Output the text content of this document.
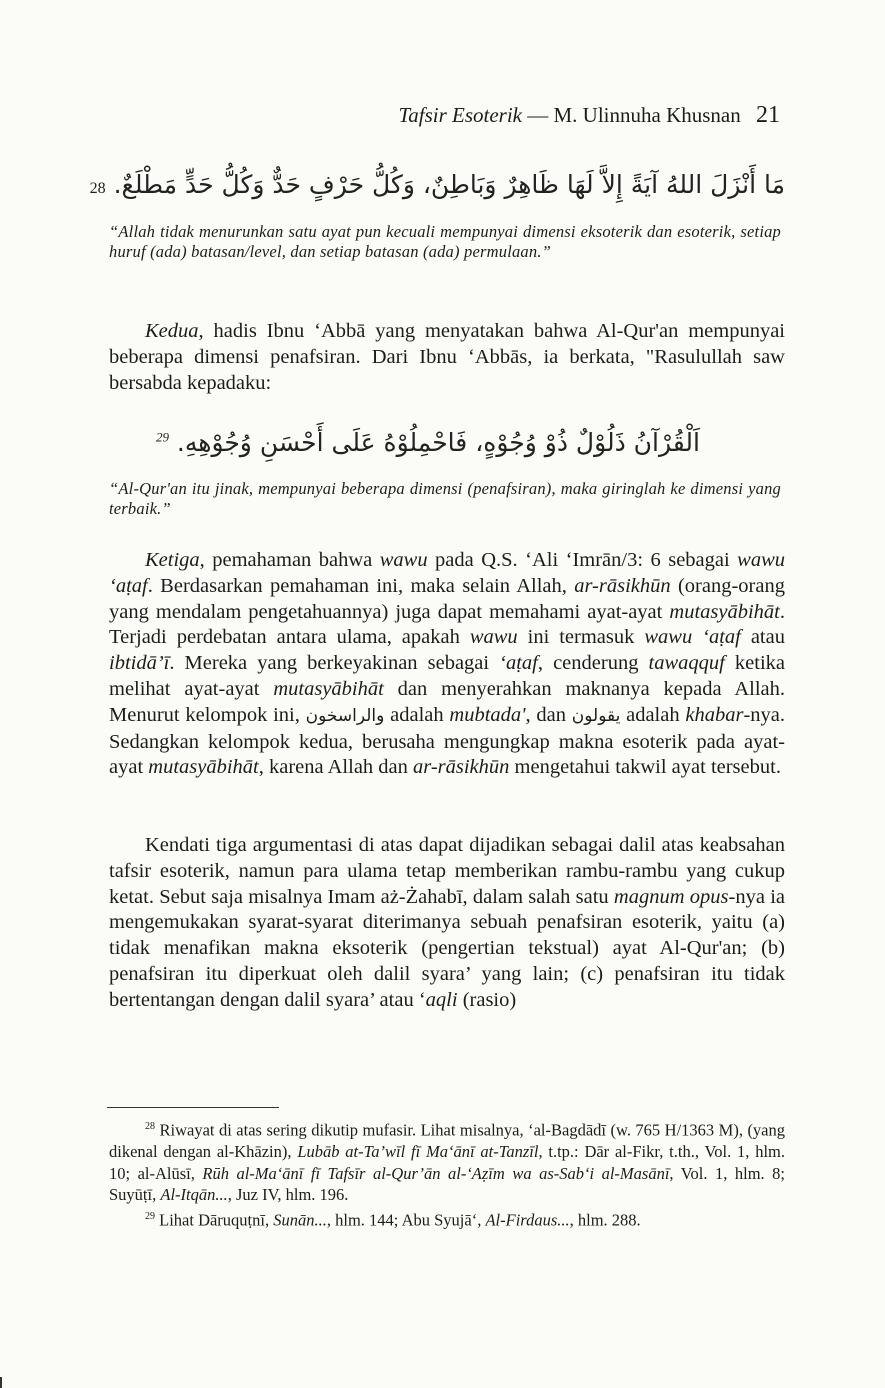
Tafsir Esoterik — M. Ulinnuha Khusnan 21
مَا أَنْزَلَ اللهُ آيَةً إِلاَّ لَهَا ظَاهِرٌ وَبَاطِنٌ، وَكُلُّ حَرْفٍ حَدٌّ وَكُلُّ حَدٍّ مَطْلَعٌ. 28
“Allah tidak menurunkan satu ayat pun kecuali mempunyai dimensi eksoterik dan esoterik, setiap huruf (ada) batasan/level, dan setiap batasan (ada) permulaan.”
Kedua, hadis Ibnu ‘Abbā yang menyatakan bahwa Al-Qur'an mempunyai beberapa dimensi penafsiran. Dari Ibnu ‘Abbās, ia berkata, "Rasulullah saw bersabda kepadaku:
اَلْقُرْآنُ ذَلُوْلٌ ذُوْ وُجُوْهٍ، فَاحْمِلُوْهُ عَلَى أَحْسَنِ وُجُوْهِهِ. $^{29}$
“Al-Qur'an itu jinak, mempunyai beberapa dimensi (penafsiran), maka giringlah ke dimensi yang terbaik.”
Ketiga, pemahaman bahwa wawu pada Q.S. ‘Ali ‘Imrān/3: 6 sebagai wawu ‘aṭaf. Berdasarkan pemahaman ini, maka selain Allah, ar-rāsikhūn (orang-orang yang mendalam pengetahuannya) juga dapat memahami ayat-ayat mutasyābihāt. Terjadi perdebatan antara ulama, apakah wawu ini termasuk wawu ‘aṭaf atau ibtidā’ī. Mereka yang berkeyakinan sebagai ‘aṭaf, cenderung tawaqquf ketika melihat ayat-ayat mutasyābihāt dan menyerahkan maknanya kepada Allah. Menurut kelompok ini, والراسخون adalah mubtada', dan يقولون adalah khabar-nya. Sedangkan kelompok kedua, berusaha mengungkap makna esoterik pada ayat-ayat mutasyābihāt, karena Allah dan ar-rāsikhūn mengetahui takwil ayat tersebut.
Kendati tiga argumentasi di atas dapat dijadikan sebagai dalil atas keabsahan tafsir esoterik, namun para ulama tetap memberikan rambu-rambu yang cukup ketat. Sebut saja misalnya Imam aż-Żahabī, dalam salah satu magnum opus-nya ia mengemukakan syarat-syarat diterimanya sebuah penafsiran esoterik, yaitu (a) tidak menafikan makna eksoterik (pengertian tekstual) ayat Al-Qur'an; (b) penafsiran itu diperkuat oleh dalil syara’ yang lain; (c) penafsiran itu tidak bertentangan dengan dalil syara’ atau ‘aqli (rasio)
$^{28}$ Riwayat di atas sering dikutip mufasir. Lihat misalnya, ‘al-Bagdādī (w. 765 H/1363 M), (yang dikenal dengan al-Khāzin), Lubāb at-Ta’wīl fī Ma‘ānī at-Tanzīl, t.tp.: Dār al-Fikr, t.th., Vol. 1, hlm. 10; al-Alūsī, Rūh al-Ma‘ānī fī Tafsīr al-Qur’ān al-‘Aẓīm wa as-Sab‘i al-Masānī, Vol. 1, hlm. 8; Suyūṭī, Al-Itqān..., Juz IV, hlm. 196.
$^{29}$ Lihat Dāruquṭnī, Sunān..., hlm. 144; Abu Syujā‘, Al-Firdaus..., hlm. 288.
